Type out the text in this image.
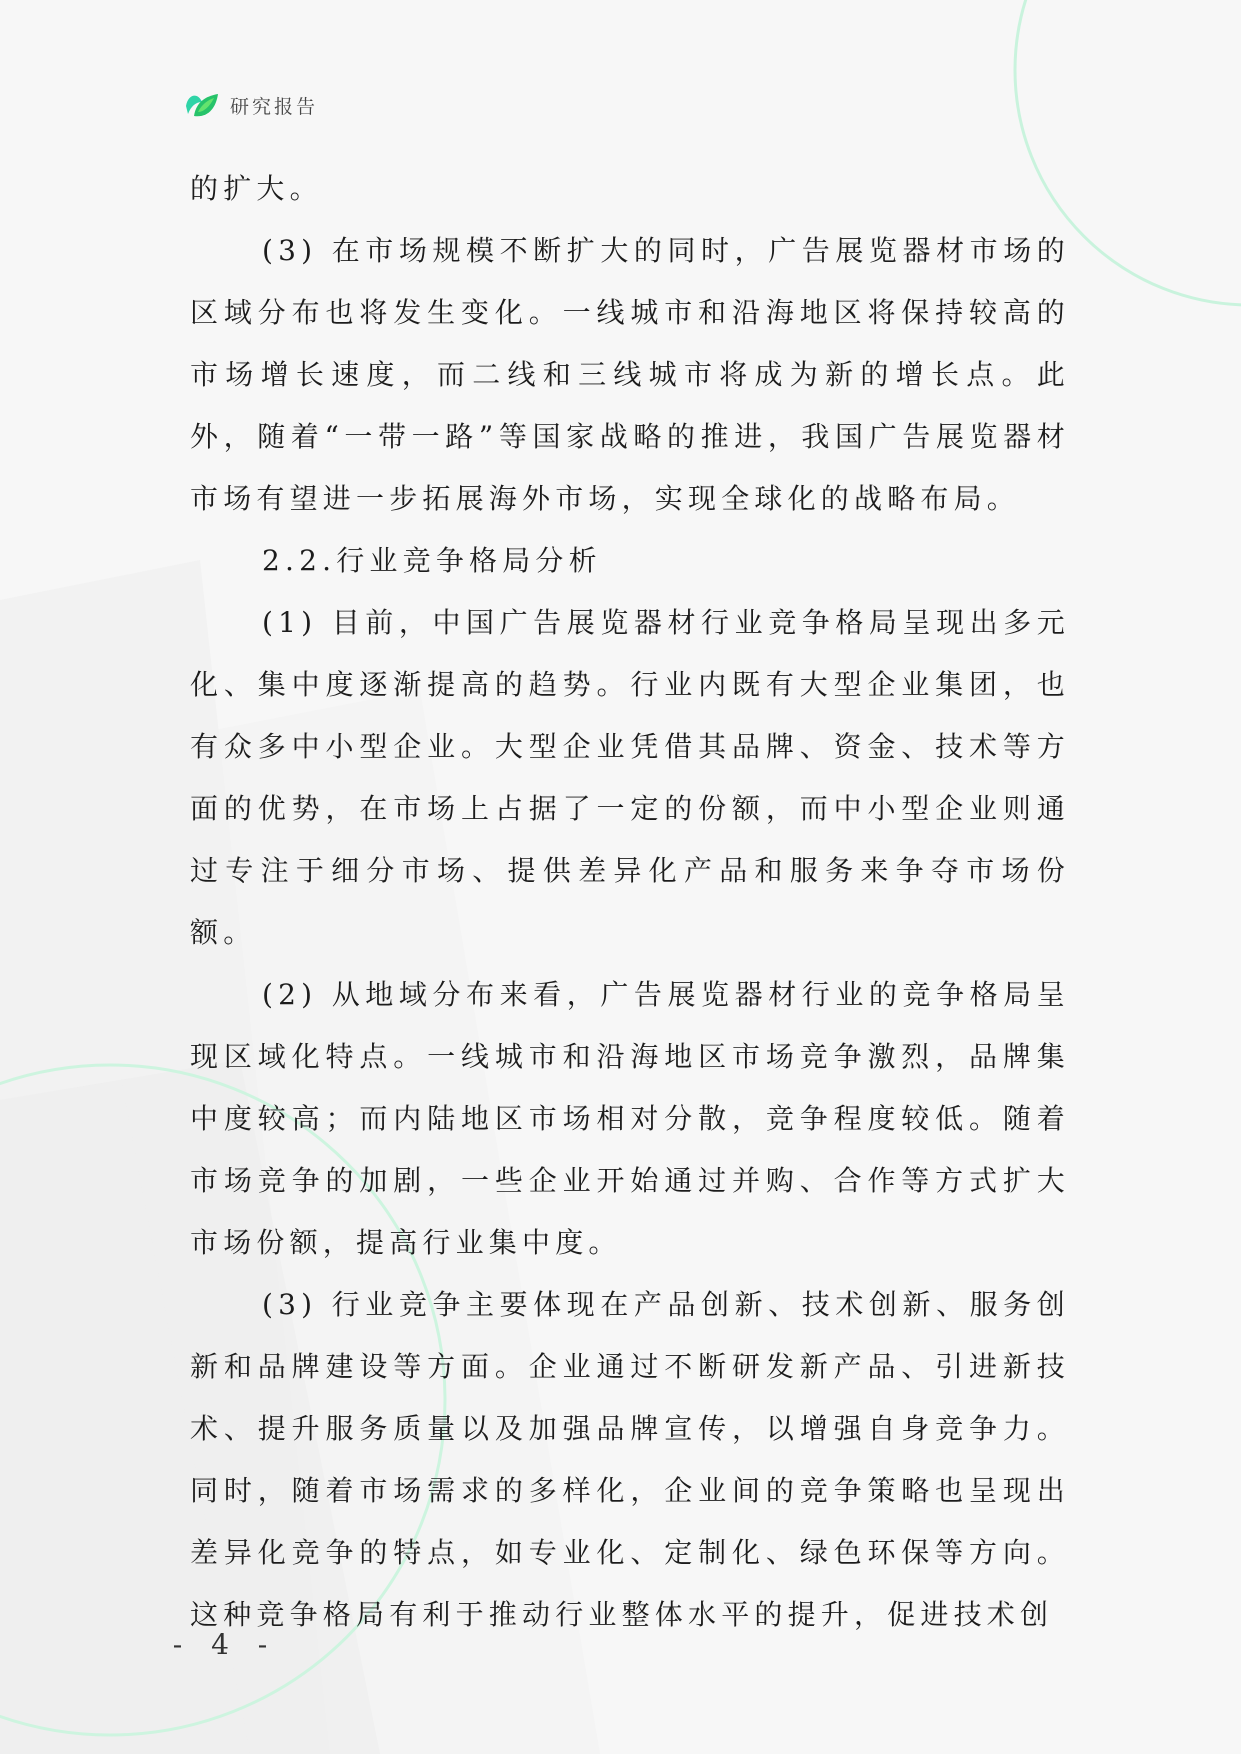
研究报告

的扩大。

(3) 在市场规模不断扩大的同时，广告展览器材市场的区域分布也将发生变化。一线城市和沿海地区将保持较高的市场增长速度，而二线和三线城市将成为新的增长点。此外，随着“一带一路”等国家战略的推进，我国广告展览器材市场有望进一步拓展海外市场，实现全球化的战略布局。

2.2.行业竞争格局分析

(1) 目前，中国广告展览器材行业竞争格局呈现出多元化、集中度逐渐提高的趋势。行业内既有大型企业集团，也有众多中小型企业。大型企业凭借其品牌、资金、技术等方面的优势，在市场上占据了一定的份额，而中小型企业则通过专注于细分市场、提供差异化产品和服务来争夺市场份额。

(2) 从地域分布来看，广告展览器材行业的竞争格局呈现区域化特点。一线城市和沿海地区市场竞争激烈，品牌集中度较高；而内陆地区市场相对分散，竞争程度较低。随着市场竞争的加剧，一些企业开始通过并购、合作等方式扩大市场份额，提高行业集中度。

(3) 行业竞争主要体现在产品创新、技术创新、服务创新和品牌建设等方面。企业通过不断研发新产品、引进新技术、提升服务质量以及加强品牌宣传，以增强自身竞争力。同时，随着市场需求的多样化，企业间的竞争策略也呈现出差异化竞争的特点，如专业化、定制化、绿色环保等方向。这种竞争格局有利于推动行业整体水平的提升，促进技术创

- 4 -
